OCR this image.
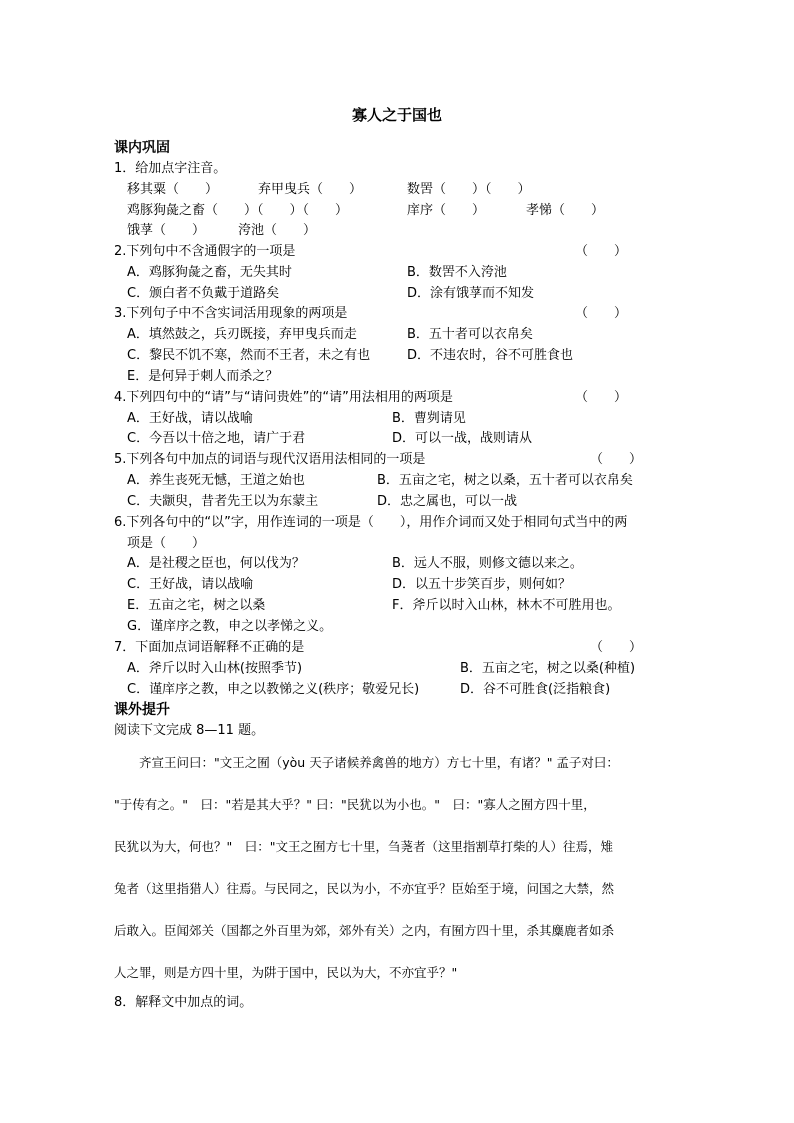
寡人之于国也
课内巩固
1．给加点字注音。
移其粟（　　）	弃甲曳兵（　　）	数罟（　　）（　　）
鸡豚狗彘之畜（　　）（　　）（　　）	庠序（　　）	孝悌（　　）
饿莩（　　）	洿池（　　）
2.下列句中不含通假字的一项是	（　　）
A．鸡豚狗彘之畜，无失其时	B．数罟不入洿池
C．颁白者不负戴于道路矣	D．涂有饿莩而不知发
3.下列句子中不含实词活用现象的两项是	（　　）
A．填然鼓之，兵刃既接，弃甲曳兵而走	B．五十者可以衣帛矣
C．黎民不饥不寒，然而不王者，未之有也	D．不违农时，谷不可胜食也
E．是何异于刺人而杀之？
4.下列四句中的“请”与“请问贵姓”的“请”用法相用的两项是	（　　）
A．王好战，请以战喻	B．曹刿请见
C．今吾以十倍之地，请广于君	D．可以一战，战则请从
5.下列各句中加点的词语与现代汉语用法相同的一项是	（　　）
A．养生丧死无憾，王道之始也	B．五亩之宅，树之以桑，五十者可以衣帛矣
C．夫颛臾，昔者先王以为东蒙主	D．忠之属也，可以一战
6.下列各句中的“以”字，用作连词的一项是（　　），用作介词而又处于相同句式当中的两
项是（　　）
A．是社稷之臣也，何以伐为？	B．远人不服，则修文德以来之。
C．王好战，请以战喻	D．以五十步笑百步，则何如？
E．五亩之宅，树之以桑	F．斧斤以时入山林，林木不可胜用也。
G．谨庠序之教，申之以孝悌之义。
7．下面加点词语解释不正确的是	（　　）
A．斧斤以时入山林(按照季节)	B．五亩之宅，树之以桑(种植)
C．谨庠序之教，申之以教悌之义(秩序；敬爱兄长)	D．谷不可胜食(泛指粮食)
课外提升
阅读下文完成 8—11 题。
　　齐宣王问曰："文王之囿（yòu 天子诸候养禽兽的地方）方七十里，有诸？" 孟子对曰：
"于传有之。"　曰："若是其大乎？" 曰："民犹以为小也。"　曰："寡人之囿方四十里，
民犹以为大，何也？"　曰："文王之囿方七十里，刍荛者（这里指割草打柴的人）往焉，雉
兔者（这里指猎人）往焉。与民同之，民以为小，不亦宜乎？臣始至于境，问国之大禁，然
后敢入。臣闻郊关（国都之外百里为郊，郊外有关）之内，有囿方四十里，杀其麋鹿者如杀
人之罪，则是方四十里，为阱于国中，民以为大，不亦宜乎？"
8．解释文中加点的词。
